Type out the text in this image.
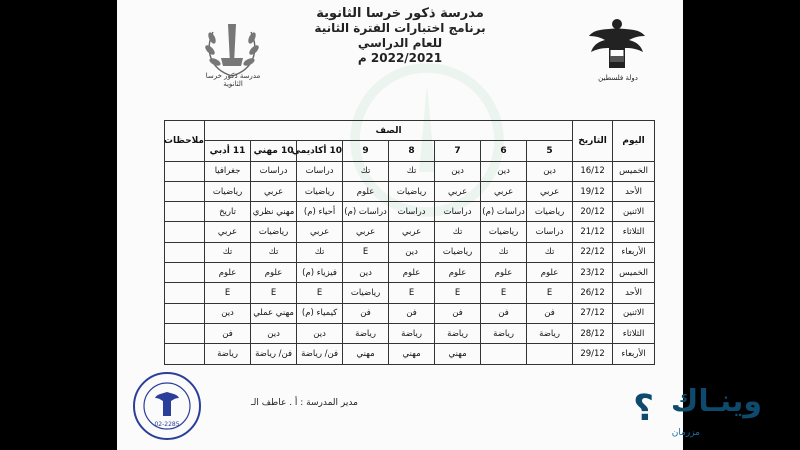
مدرسة ذكور خرسا الثانوية
برنامج اختبارات الفترة الثانية
للعام الدراسي
2022/2021 م
مدرسة ذكور خرسا الثانوية
دولة فلسطين
اليوم	التاريخ	الصف								ملاحظات
		5	6	7	8	9	10 أكاديمي	10 مهني	11 أدبي	
الخميس	16/12	دين	دين	دين	تك	تك	دراسات	دراسات	جغرافيا	
الأحد	19/12	عربي	عربي	عربي	رياضيات	علوم	رياضيات	عربي	رياضيات	
الاثنين	20/12	رياضيات	دراسات (م)	دراسات	دراسات	دراسات (م)	أحياء (م)	مهني نظري	تاريخ	
الثلاثاء	21/12	دراسات	رياضيات	تك	عربي	عربي	عربي	رياضيات	عربي	
الأربعاء	22/12	تك	تك	رياضيات	دين	E	تك	تك	تك	
الخميس	23/12	علوم	علوم	علوم	علوم	دين	فيزياء (م)	علوم	علوم	
الأحد	26/12	E	E	E	E	رياضيات	E	E	E	
الاثنين	27/12	فن	فن	فن	فن	فن	كيمياء (م)	مهني عملي	دين	
الثلاثاء	28/12	رياضة	رياضة	رياضة	رياضة	رياضة	دين	دين	فن	
الأربعاء	29/12			مهني	مهني	مهني	فن/ رياضة	فن/ رياضة	رياضة	
مدير المدرسة : أ . عاطف الـ
02-2285
وينـاك
؟
مزرمان
